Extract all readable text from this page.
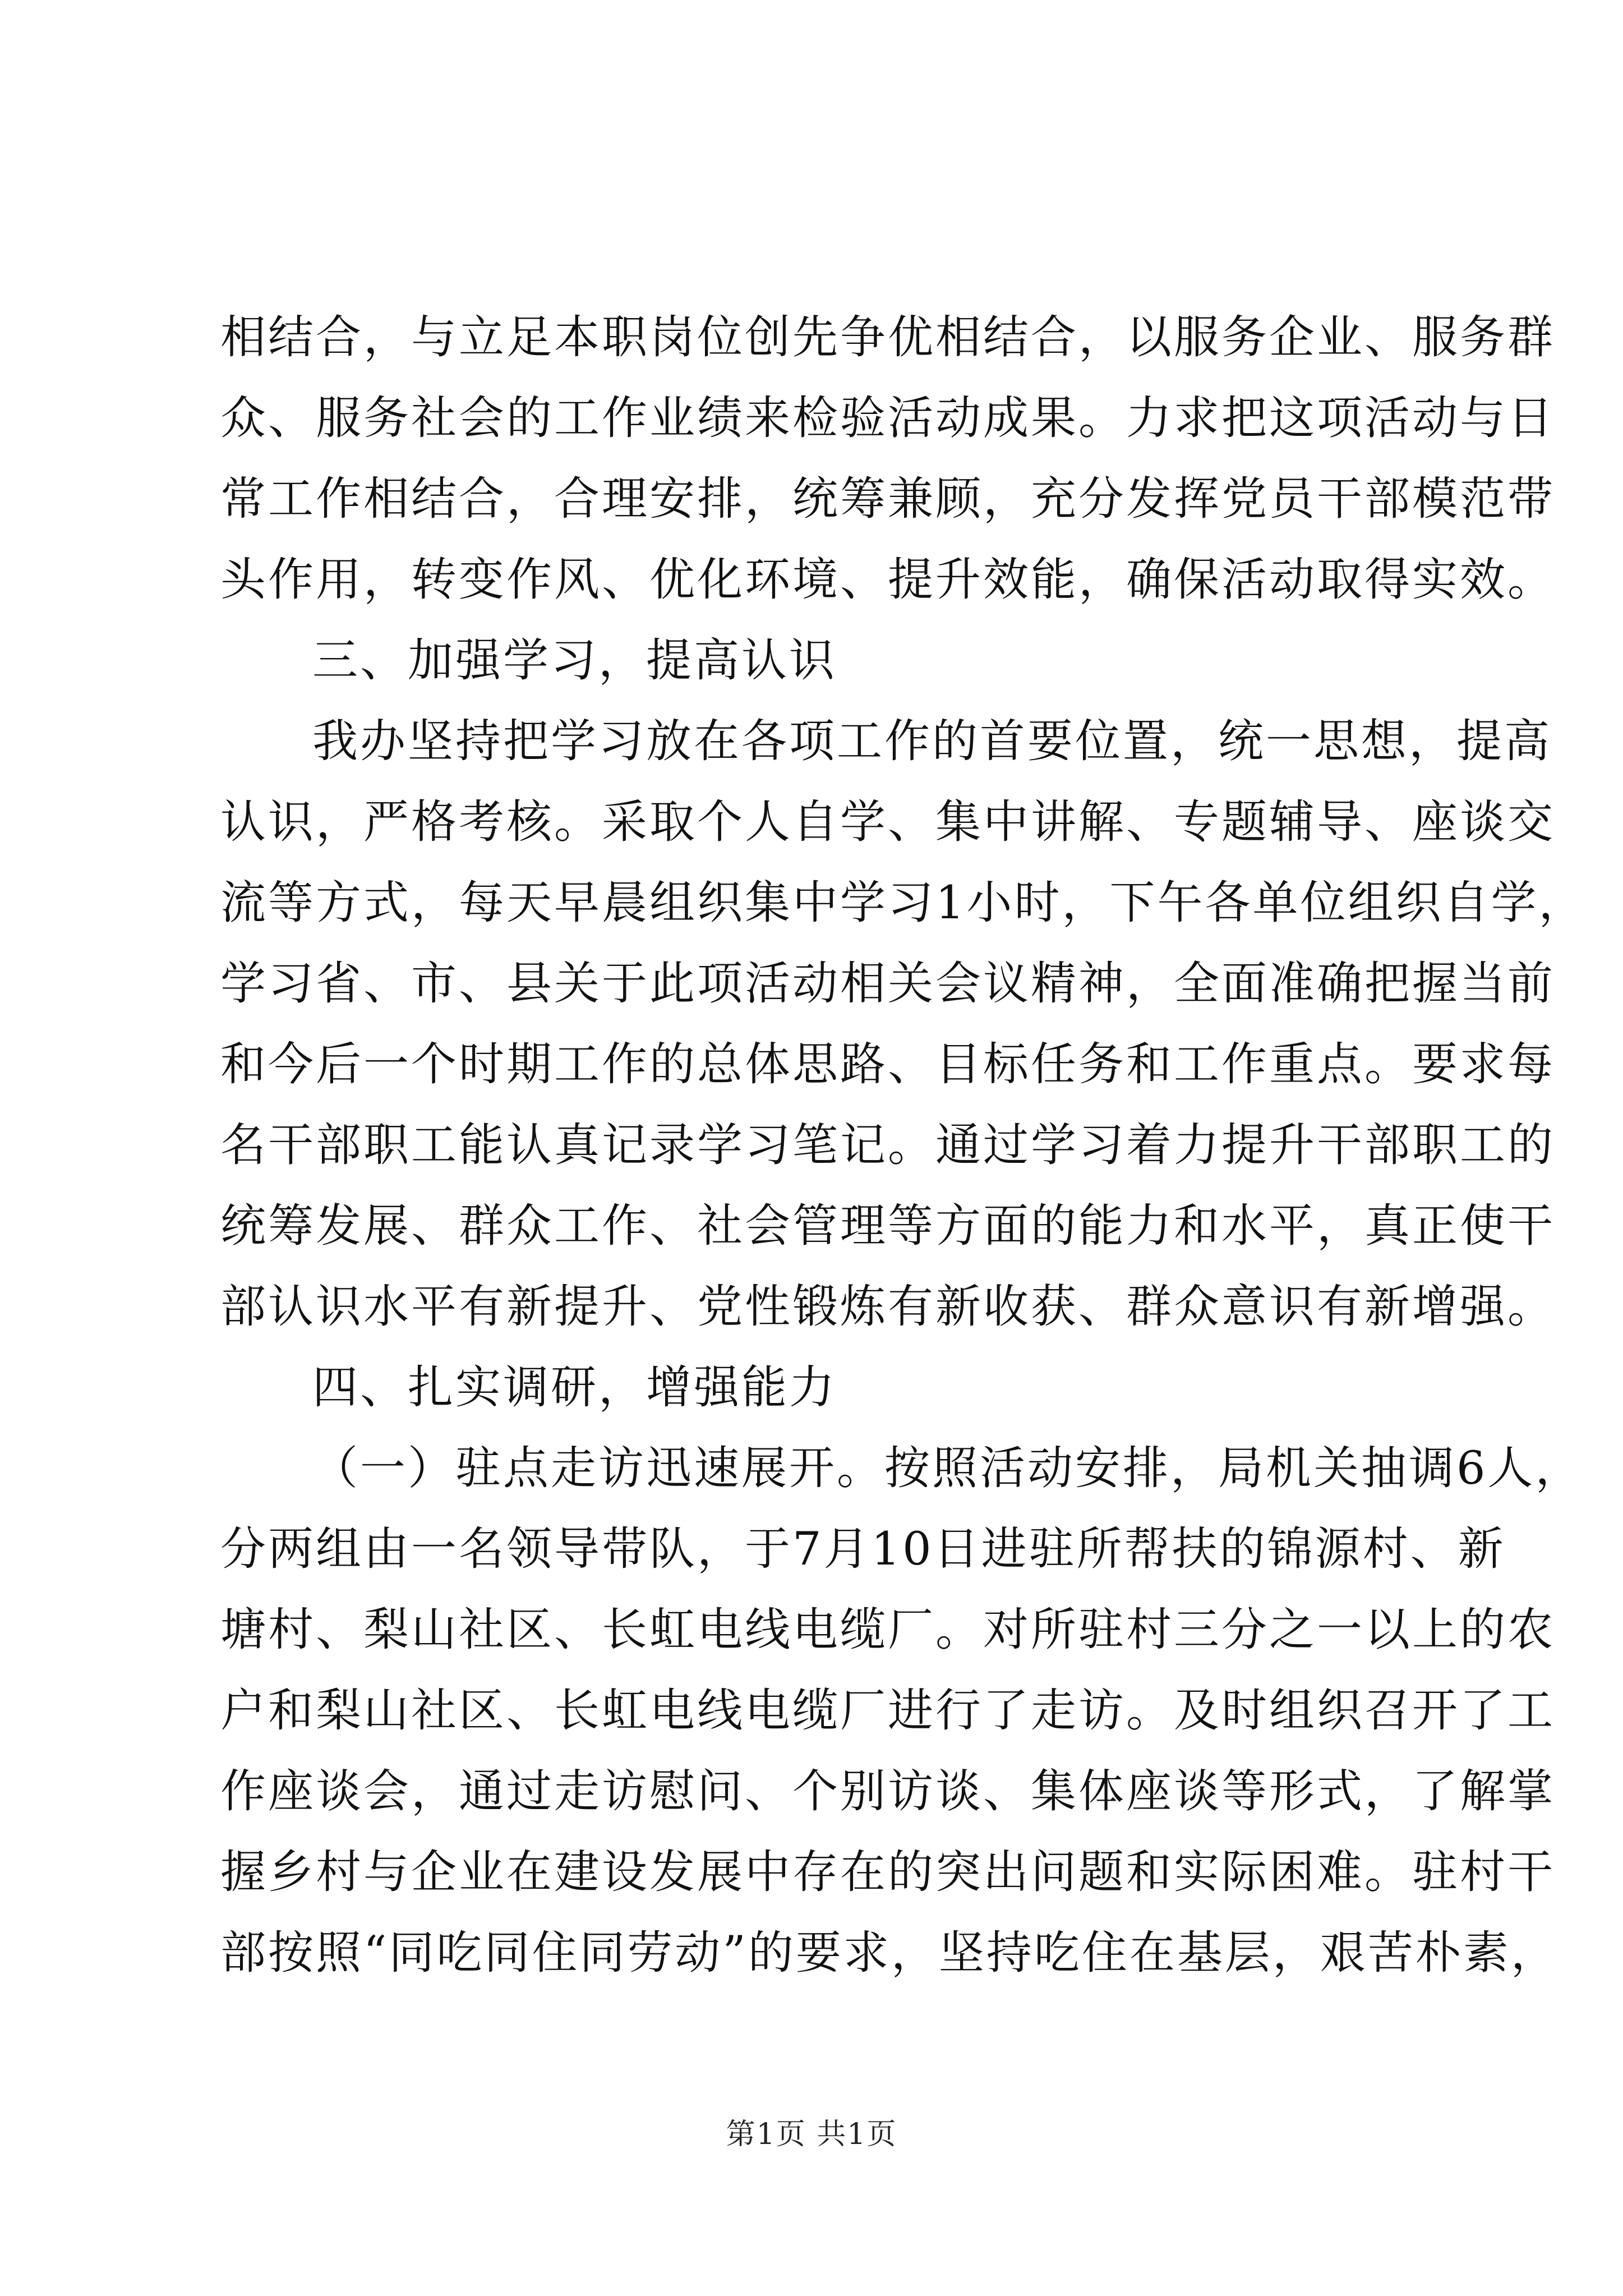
相结合，与立足本职岗位创先争优相结合，以服务企业、服务群
众、服务社会的工作业绩来检验活动成果。力求把这项活动与日
常工作相结合，合理安排，统筹兼顾，充分发挥党员干部模范带
头作用，转变作风、优化环境、提升效能，确保活动取得实效。
三、加强学习，提高认识
我办坚持把学习放在各项工作的首要位置，统一思想，提高
认识，严格考核。采取个人自学、集中讲解、专题辅导、座谈交
流等方式，每天早晨组织集中学习1小时，下午各单位组织自学，
学习省、市、县关于此项活动相关会议精神，全面准确把握当前
和今后一个时期工作的总体思路、目标任务和工作重点。要求每
名干部职工能认真记录学习笔记。通过学习着力提升干部职工的
统筹发展、群众工作、社会管理等方面的能力和水平，真正使干
部认识水平有新提升、党性锻炼有新收获、群众意识有新增强。
四、扎实调研，增强能力
（一）驻点走访迅速展开。按照活动安排，局机关抽调6人，
分两组由一名领导带队，于7月10日进驻所帮扶的锦源村、新
塘村、梨山社区、长虹电线电缆厂。对所驻村三分之一以上的农
户和梨山社区、长虹电线电缆厂进行了走访。及时组织召开了工
作座谈会，通过走访慰问、个别访谈、集体座谈等形式，了解掌
握乡村与企业在建设发展中存在的突出问题和实际困难。驻村干
部按照“同吃同住同劳动”的要求，坚持吃住在基层，艰苦朴素，
第1页 共1页
